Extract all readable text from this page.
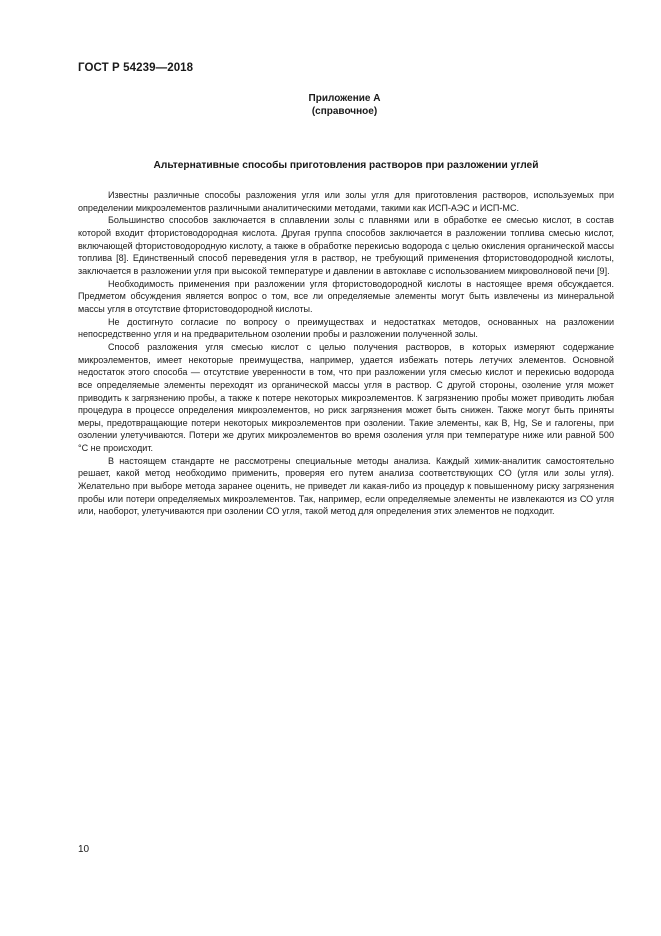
ГОСТ Р 54239—2018
Приложение А
(справочное)
Альтернативные способы приготовления растворов при разложении углей

Известны различные способы разложения угля или золы угля для приготовления растворов, используемых при определении микроэлементов различными аналитическими методами, такими как ИСП-АЭС и ИСП-МС.

Большинство способов заключается в сплавлении золы с плавнями или в обработке ее смесью кислот, в состав которой входит фтористоводородная кислота. Другая группа способов заключается в разложении топлива смесью кислот, включающей фтористоводородную кислоту, а также в обработке перекисью водорода с целью окисления органической массы топлива [8]. Единственный способ переведения угля в раствор, не требующий применения фтористоводородной кислоты, заключается в разложении угля при высокой температуре и давлении в автоклаве с использованием микроволновой печи [9].

Необходимость применения при разложении угля фтористоводородной кислоты в настоящее время обсуждается. Предметом обсуждения является вопрос о том, все ли определяемые элементы могут быть извлечены из минеральной массы угля в отсутствие фтористоводородной кислоты.

Не достигнуто согласие по вопросу о преимуществах и недостатках методов, основанных на разложении непосредственно угля и на предварительном озолении пробы и разложении полученной золы.

Способ разложения угля смесью кислот с целью получения растворов, в которых измеряют содержание микроэлементов, имеет некоторые преимущества, например, удается избежать потерь летучих элементов. Основной недостаток этого способа — отсутствие уверенности в том, что при разложении угля смесью кислот и перекисью водорода все определяемые элементы переходят из органической массы угля в раствор. С другой стороны, озоление угля может приводить к загрязнению пробы, а также к потере некоторых микроэлементов. К загрязнению пробы может приводить любая процедура в процессе определения микроэлементов, но риск загрязнения может быть снижен. Также могут быть приняты меры, предотвращающие потери некоторых микроэлементов при озолении. Такие элементы, как B, Hg, Se и галогены, при озолении улетучиваются. Потери же других микроэлементов во время озоления угля при температуре ниже или равной 500 °C не происходит.

В настоящем стандарте не рассмотрены специальные методы анализа. Каждый химик-аналитик самостоятельно решает, какой метод необходимо применить, проверяя его путем анализа соответствующих СО (угля или золы угля). Желательно при выборе метода заранее оценить, не приведет ли какая-либо из процедур к повышенному риску загрязнения пробы или потери определяемых микроэлементов. Так, например, если определяемые элементы не извлекаются из СО угля или, наоборот, улетучиваются при озолении СО угля, такой метод для определения этих элементов не подходит.

10
